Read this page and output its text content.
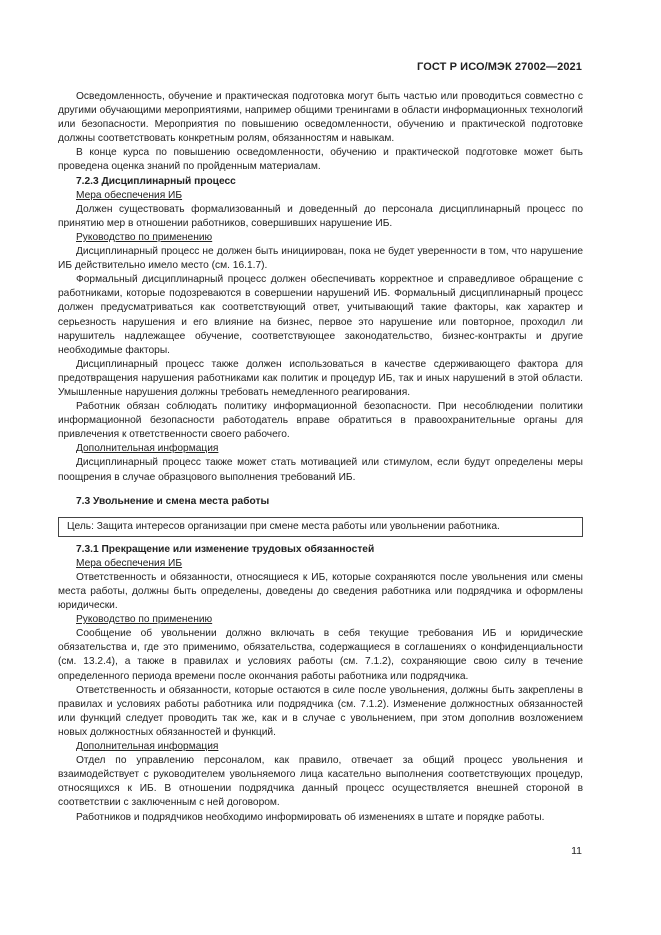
ГОСТ Р ИСО/МЭК 27002—2021

Осведомленность, обучение и практическая подготовка могут быть частью или проводиться совместно с другими обучающими мероприятиями, например общими тренингами в области информационных технологий или безопасности. Мероприятия по повышению осведомленности, обучению и практической подготовке должны соответствовать конкретным ролям, обязанностям и навыкам.

В конце курса по повышению осведомленности, обучению и практической подготовке может быть проведена оценка знаний по пройденным материалам.

7.2.3 Дисциплинарный процесс

Мера обеспечения ИБ

Должен существовать формализованный и доведенный до персонала дисциплинарный процесс по принятию мер в отношении работников, совершивших нарушение ИБ.

Руководство по применению

Дисциплинарный процесс не должен быть инициирован, пока не будет уверенности в том, что нарушение ИБ действительно имело место (см. 16.1.7).

Формальный дисциплинарный процесс должен обеспечивать корректное и справедливое обращение с работниками, которые подозреваются в совершении нарушений ИБ. Формальный дисциплинарный процесс должен предусматриваться как соответствующий ответ, учитывающий такие факторы, как характер и серьезность нарушения и его влияние на бизнес, первое это нарушение или повторное, проходил ли нарушитель надлежащее обучение, соответствующее законодательство, бизнес-контракты и другие необходимые факторы.

Дисциплинарный процесс также должен использоваться в качестве сдерживающего фактора для предотвращения нарушения работниками как политик и процедур ИБ, так и иных нарушений в этой области. Умышленные нарушения должны требовать немедленного реагирования.

Работник обязан соблюдать политику информационной безопасности. При несоблюдении политики информационной безопасности работодатель вправе обратиться в правоохранительные органы для привлечения к ответственности своего рабочего.

Дополнительная информация

Дисциплинарный процесс также может стать мотивацией или стимулом, если будут определены меры поощрения в случае образцового выполнения требований ИБ.

7.3 Увольнение и смена места работы

Цель: Защита интересов организации при смене места работы или увольнении работника.

7.3.1 Прекращение или изменение трудовых обязанностей

Мера обеспечения ИБ

Ответственность и обязанности, относящиеся к ИБ, которые сохраняются после увольнения или смены места работы, должны быть определены, доведены до сведения работника или подрядчика и оформлены юридически.

Руководство по применению

Сообщение об увольнении должно включать в себя текущие требования ИБ и юридические обязательства и, где это применимо, обязательства, содержащиеся в соглашениях о конфиденциальности (см. 13.2.4), а также в правилах и условиях работы (см. 7.1.2), сохраняющие свою силу в течение определенного периода времени после окончания работы работника или подрядчика.

Ответственность и обязанности, которые остаются в силе после увольнения, должны быть закреплены в правилах и условиях работы работника или подрядчика (см. 7.1.2). Изменение должностных обязанностей или функций следует проводить так же, как и в случае с увольнением, при этом дополнив возложением новых должностных обязанностей и функций.

Дополнительная информация

Отдел по управлению персоналом, как правило, отвечает за общий процесс увольнения и взаимодействует с руководителем увольняемого лица касательно выполнения соответствующих процедур, относящихся к ИБ. В отношении подрядчика данный процесс осуществляется внешней стороной в соответствии с заключенным с ней договором.

Работников и подрядчиков необходимо информировать об изменениях в штате и порядке работы.

11
